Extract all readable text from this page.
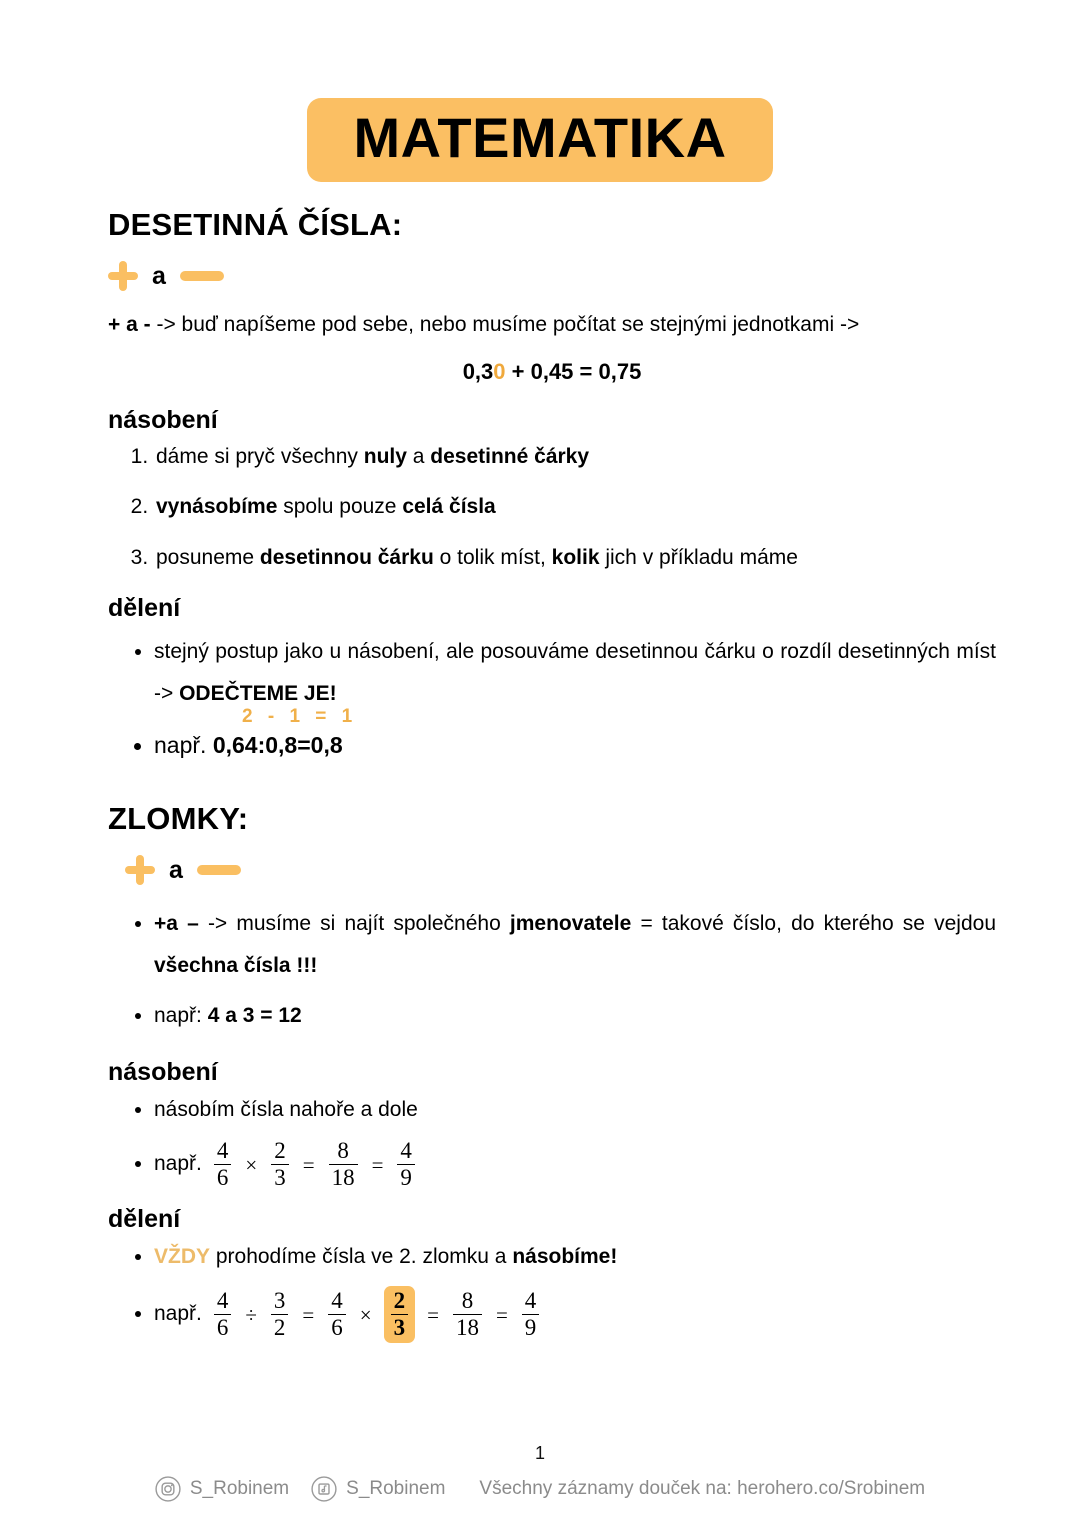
MATEMATIKA
DESETINNÁ ČÍSLA:
a

+ a - -> buď napíšeme pod sebe, nebo musíme počítat se stejnými jednotkami ->

0,30 + 0,45 = 0,75
násobení
1. dáme si pryč všechny nuly a desetinné čárky
2. vynásobíme spolu pouze celá čísla
3. posuneme desetinnou čárku o tolik míst, kolik jich v příkladu máme
dělení
• stejný postup jako u násobení, ale posouváme desetinnou čárku o rozdíl desetinných míst -> ODEČTEME JE!
• 2 - 1 = 1
např. 0,64:0,8=0,8
ZLOMKY:
a
• +a – -> musíme si najít společného jmenovatele = takové číslo, do kterého se vejdou všechna čísla !!!
• např: 4 a 3 = 12
násobení
• násobím čísla nahoře a dole
• např. $\frac{4}{6} \times \frac{2}{3} = \frac{8}{18} = \frac{4}{9}$
dělení
• VŽDY prohodíme čísla ve 2. zlomku a násobíme!
• např. $\frac{4}{6} \div \frac{3}{2} = \frac{4}{6} \times \frac{2}{3} = \frac{8}{18} = \frac{4}{9}$
1
S_Robinem	S_Robinem Všechny záznamy douček na: herohero.co/Srobinem
